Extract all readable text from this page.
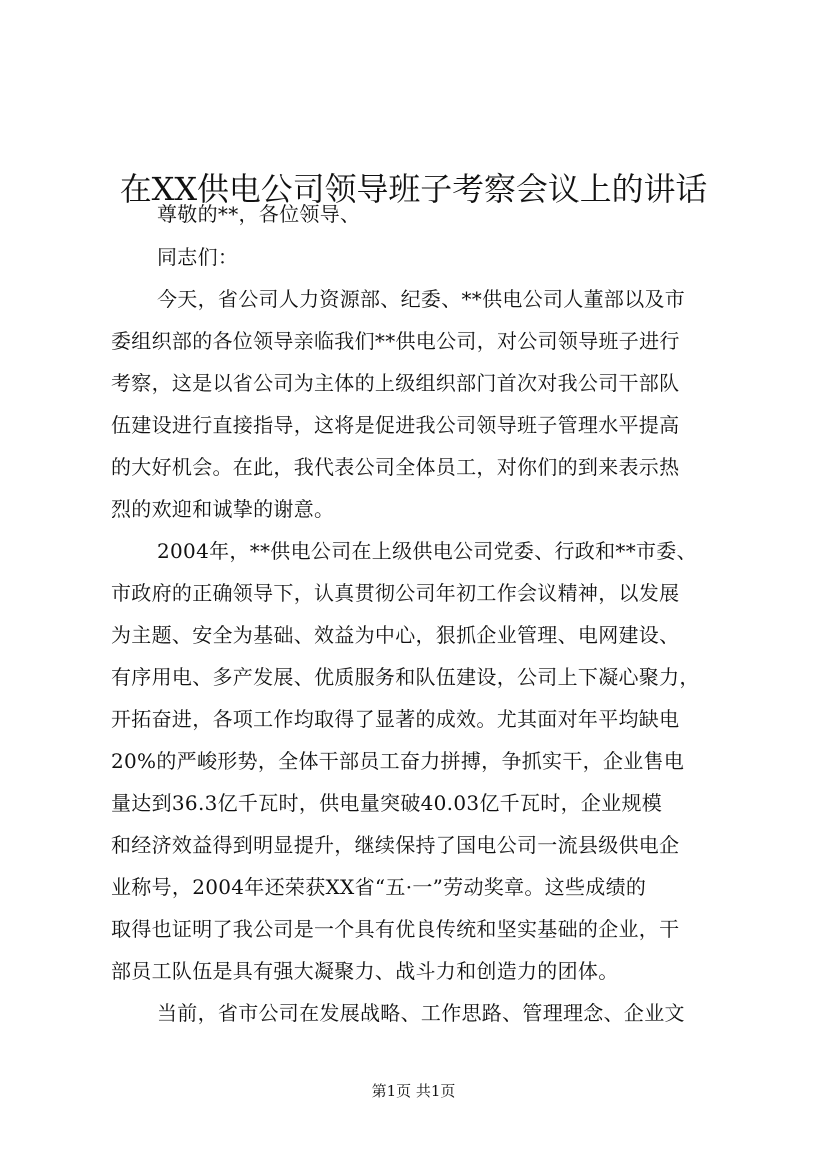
在XX供电公司领导班子考察会议上的讲话
尊敬的**，各位领导、
同志们：
今天，省公司人力资源部、纪委、**供电公司人董部以及市
委组织部的各位领导亲临我们**供电公司，对公司领导班子进行
考察，这是以省公司为主体的上级组织部门首次对我公司干部队
伍建设进行直接指导，这将是促进我公司领导班子管理水平提高
的大好机会。在此，我代表公司全体员工，对你们的到来表示热
烈的欢迎和诚挚的谢意。
2004年，**供电公司在上级供电公司党委、行政和**市委、
市政府的正确领导下，认真贯彻公司年初工作会议精神，以发展
为主题、安全为基础、效益为中心，狠抓企业管理、电网建设、
有序用电、多产发展、优质服务和队伍建设，公司上下凝心聚力，
开拓奋进，各项工作均取得了显著的成效。尤其面对年平均缺电
20%的严峻形势，全体干部员工奋力拼搏，争抓实干，企业售电
量达到36.3亿千瓦时，供电量突破40.03亿千瓦时，企业规模
和经济效益得到明显提升，继续保持了国电公司一流县级供电企
业称号，2004年还荣获XX省“五·一”劳动奖章。这些成绩的
取得也证明了我公司是一个具有优良传统和坚实基础的企业，干
部员工队伍是具有强大凝聚力、战斗力和创造力的团体。
当前，省市公司在发展战略、工作思路、管理理念、企业文
第1页 共1页
